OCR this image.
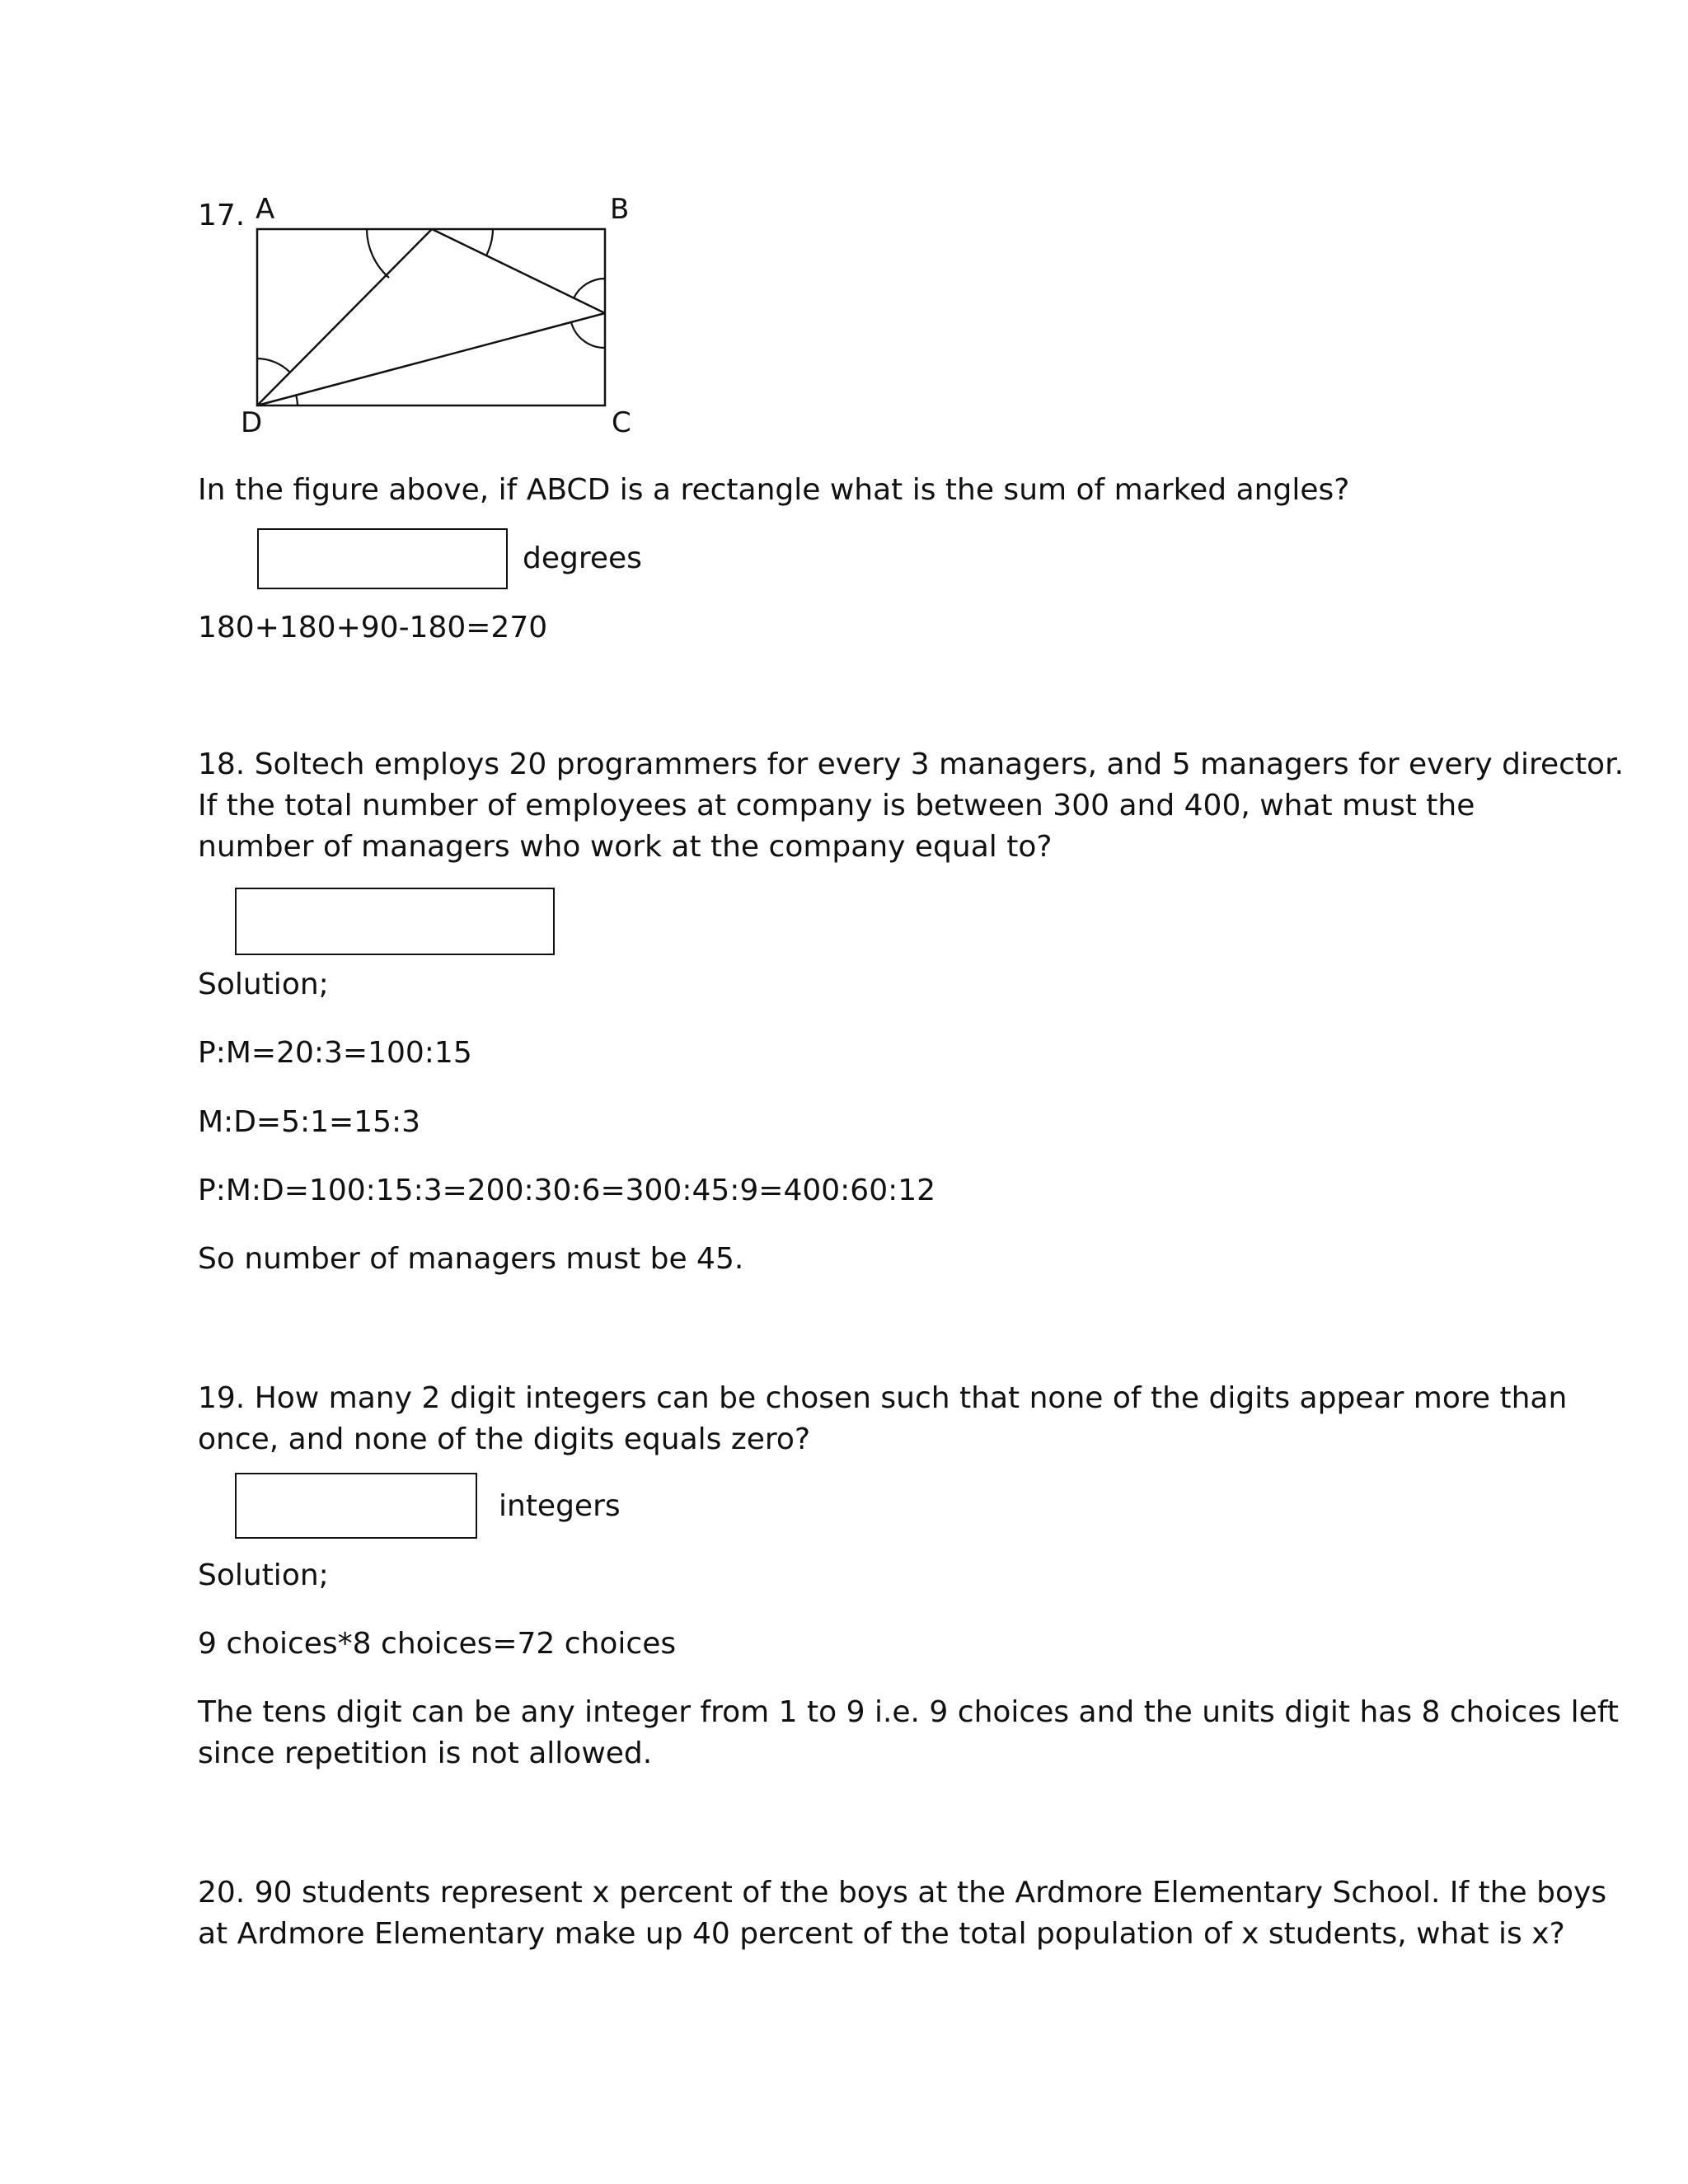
17. A	B
D	C

In the figure above, if ABCD is a rectangle what is the sum of marked angles?

degrees

180+180+90-180=270

18. Soltech employs 20 programmers for every 3 managers, and 5 managers for every director.

If the total number of employees at company is between 300 and 400, what must the

number of managers who work at the company equal to?

Solution;

P:M=20:3=100:15

M:D=5:1=15:3

P:M:D=100:15:3=200:30:6=300:45:9=400:60:12

So number of managers must be 45.

19. How many 2 digit integers can be chosen such that none of the digits appear more than

once, and none of the digits equals zero?

integers

Solution;

9 choices*8 choices=72 choices

The tens digit can be any integer from 1 to 9 i.e. 9 choices and the units digit has 8 choices left

since repetition is not allowed.

20. 90 students represent x percent of the boys at the Ardmore Elementary School. If the boys

at Ardmore Elementary make up 40 percent of the total population of x students, what is x?
